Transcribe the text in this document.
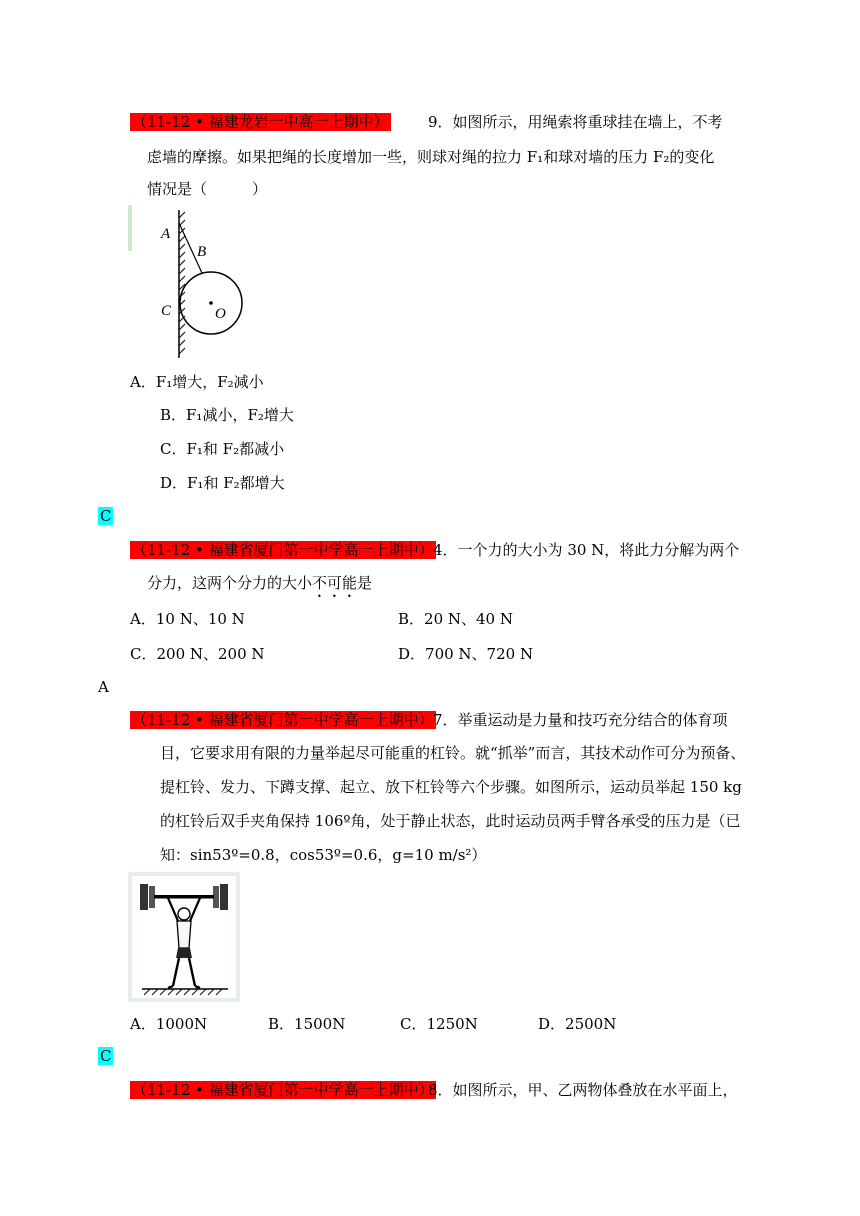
（11-12 • 福建龙岩一中高一上期中）	9．如图所示，用绳索将重球挂在墙上，不考
虑墙的摩擦。如果把绳的长度增加一些，则球对绳的拉力 F₁和球对墙的压力 F₂的变化
情况是（　　　）
A
B
C	O
A．F₁增大，F₂减小
B．F₁减小，F₂增大
C．F₁和 F₂都减小
D．F₁和 F₂都增大
C
（11-12 • 福建省厦门第一中学高一上期中） 4．一个力的大小为 30 N，将此力分解为两个
分力，这两个分力的大小不可能是
A．10 N、10 N	B．20 N、40 N
C．200 N、200 N	D．700 N、720 N
A
（11-12 • 福建省厦门第一中学高一上期中） 7．举重运动是力量和技巧充分结合的体育项
目，它要求用有限的力量举起尽可能重的杠铃。就“抓举”而言，其技术动作可分为预备、
提杠铃、发力、下蹲支撑、起立、放下杠铃等六个步骤。如图所示，运动员举起 150 kg
的杠铃后双手夹角保持 106º角，处于静止状态，此时运动员两手臂各承受的压力是（已
知：sin53º=0.8，cos53º=0.6，g=10 m/s²）
A．1000N	B．1500N	C．1250N	D．2500N
C
（11-12 • 福建省厦门第一中学高一上期中）
8．如图所示，甲、乙两物体叠放在水平面上，
